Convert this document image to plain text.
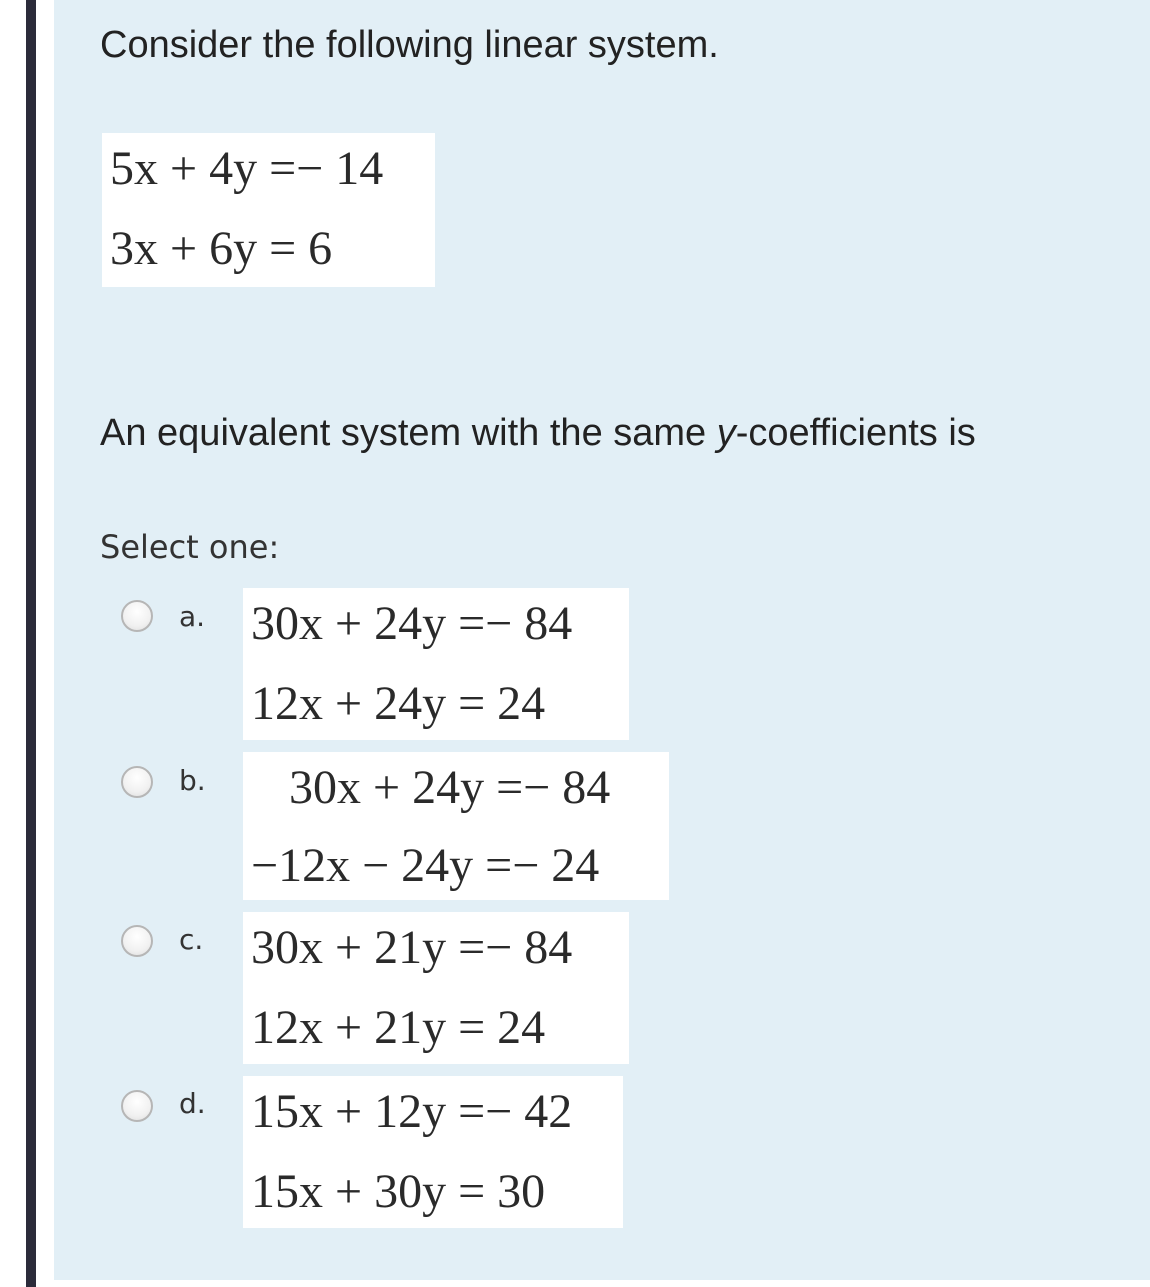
Consider the following linear system.

5x + 4y =− 14
3x + 6y = 6

An equivalent system with the same y-coefficients is

Select one:
a. 30x + 24y =− 84
12x + 24y = 24
b. 30x + 24y =− 84
−12x − 24y =− 24
c. 30x + 21y =− 84
12x + 21y = 24
d. 15x + 12y =− 42
15x + 30y = 30
